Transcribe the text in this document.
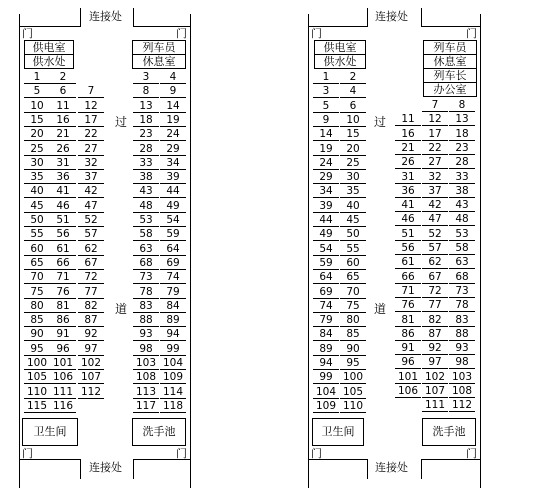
连接处
门	门
供电室
供水处
列车员
休息室
1	2
5	6	7
10	11	12
15	16	17
20	21	22
25	26	27
30	31	32
35	36	37
40	41	42
45	46	47
50	51	52
55	56	57
60	61	62
65	66	67
70	71	72
75	76	77
80	81	82
85	86	87
90	91	92
95	96	97
100 101 102
105 106 107
110 111 112
115 116
3	4
8	9
13	14
18	19
23	24
28	29
33	34
38	39
43	44
48	49
53	54
58	59
63	64
68	69
73	74
78	79
83	84
88	89
93	94
98	99
103 104
108 109
113 114
117 118
过
道
卫生间	洗手池
门	门
连接处
连接处
门	门
供电室
供水处
列车员
休息室
列车长
办公室
1	2
3	4
5	6
9	10
14	15
19	20
24	25
29	30
34	35
39	40
44	45
49	50
54	55
59	60
64	65
69	70
74	75
79	80
84	85
89	90
94	95
99 100
104 105
109 110
7	8
11	12	13
16	17	18
21	22	23
26	27	28
31	32	33
36	37	38
41	42	43
46	47	48
51	52	53
56	57	58
61	62	63
66	67	68
71	72	73
76	77	78
81	82	83
86	87	88
91	92	93
96	97	98
101 102 103
106 107 108
111 112
过
道
卫生间	洗手池
门	门
连接处
